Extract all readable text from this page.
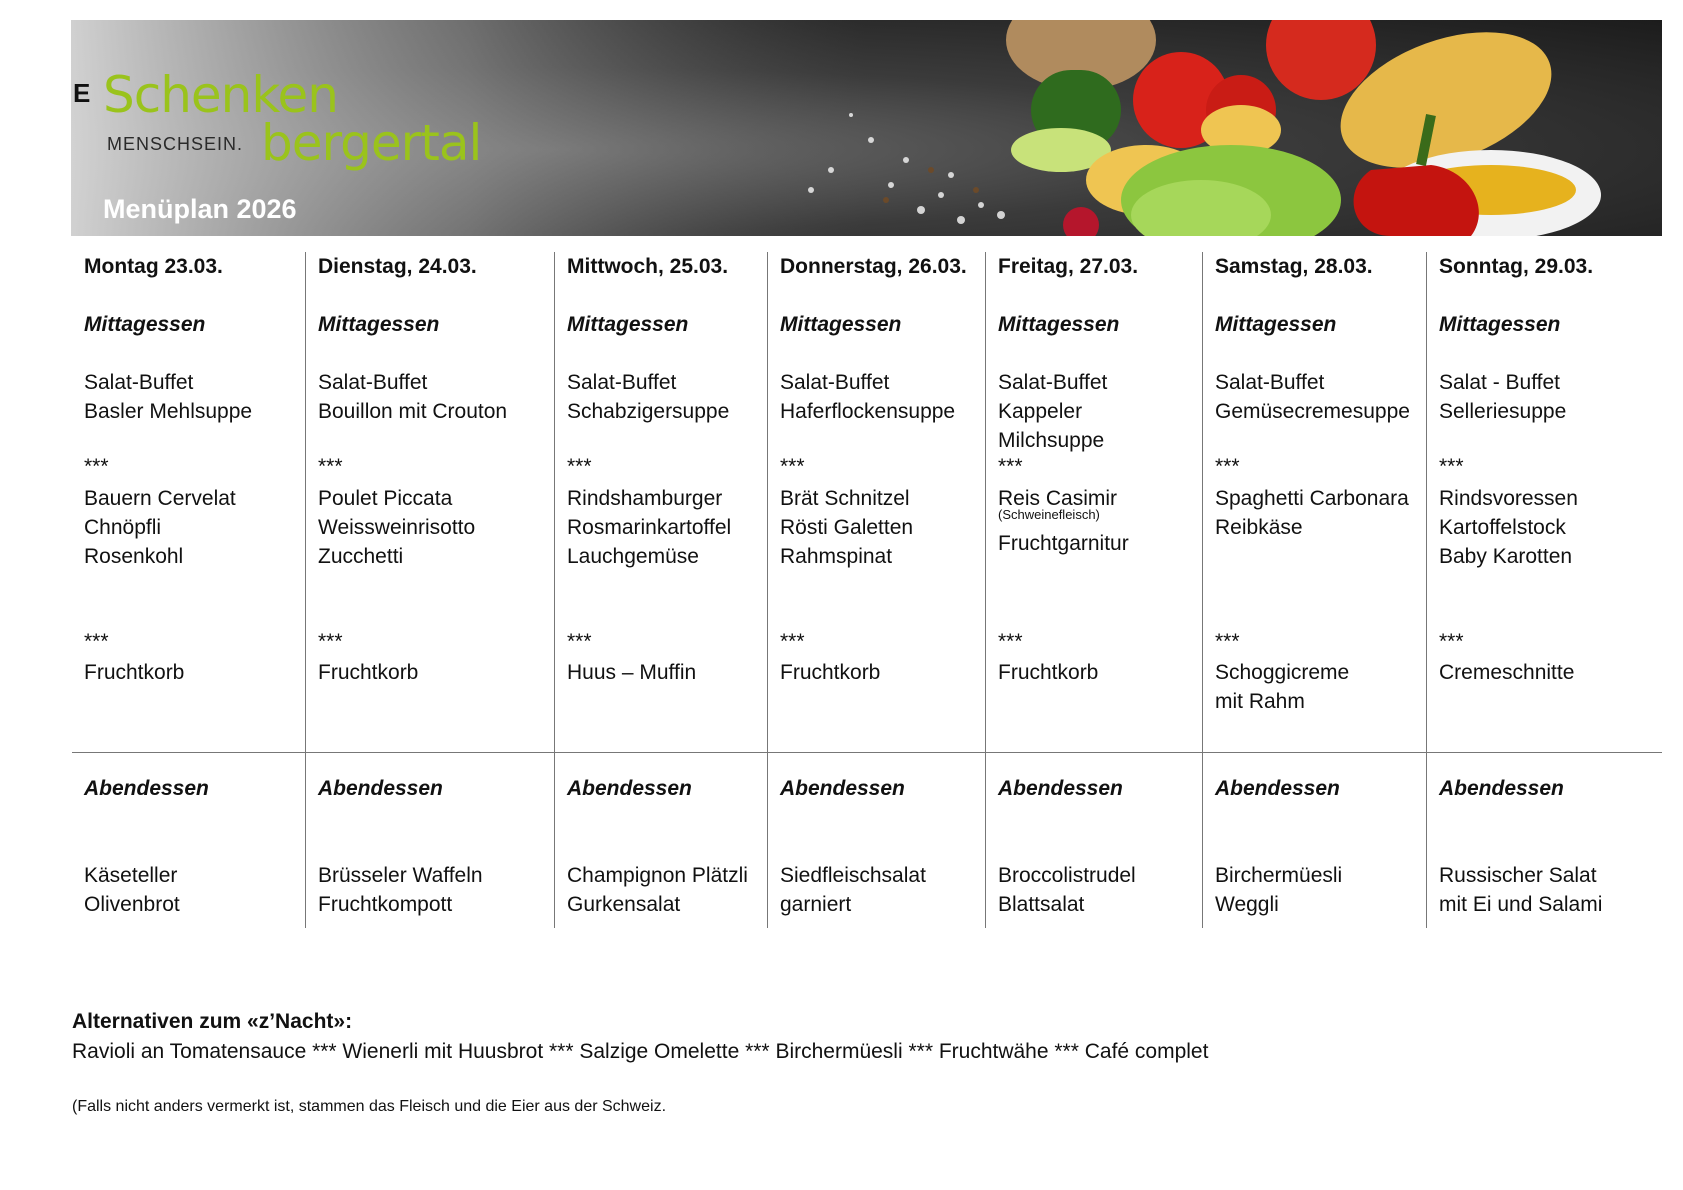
E Schenken
MENSCHSEIN. bergertal
Menüplan 2026
Montag 23.03.
Mittagessen
Salat-Buffet
Basler Mehlsuppe
***
Bauern Cervelat
Chnöpfli
Rosenkohl
***
Fruchtkorb
Abendessen
Käseteller
Olivenbrot
Dienstag, 24.03.
Mittagessen
Salat-Buffet
Bouillon mit Crouton
***
Poulet Piccata
Weissweinrisotto
Zucchetti
***
Fruchtkorb
Abendessen
Brüsseler Waffeln
Fruchtkompott
Mittwoch, 25.03.
Mittagessen
Salat-Buffet
Schabzigersuppe
***
Rindshamburger
Rosmarinkartoffel
Lauchgemüse
***
Huus – Muffin
Abendessen
Champignon Plätzli
Gurkensalat
Donnerstag, 26.03.
Mittagessen
Salat-Buffet
Haferflockensuppe
***
Brät Schnitzel
Rösti Galetten
Rahmspinat
***
Fruchtkorb
Abendessen
Siedfleischsalat
garniert
Freitag, 27.03.
Mittagessen
Salat-Buffet
Kappeler
Milchsuppe
***
Reis Casimir
(Schweinefleisch)
Fruchtgarnitur
***
Fruchtkorb
Abendessen
Broccolistrudel
Blattsalat
Samstag, 28.03.
Mittagessen
Salat-Buffet
Gemüsecremesuppe
***
Spaghetti Carbonara
Reibkäse
***
Schoggicreme
mit Rahm
Abendessen
Birchermüesli
Weggli
Sonntag, 29.03.
Mittagessen
Salat - Buffet
Selleriesuppe
***
Rindsvoressen
Kartoffelstock
Baby Karotten
***
Cremeschnitte
Abendessen
Russischer Salat
mit Ei und Salami
Alternativen zum «z’Nacht»:
Ravioli an Tomatensauce *** Wienerli mit Huusbrot *** Salzige Omelette *** Birchermüesli *** Fruchtwähe *** Café complet
(Falls nicht anders vermerkt ist, stammen das Fleisch und die Eier aus der Schweiz.
